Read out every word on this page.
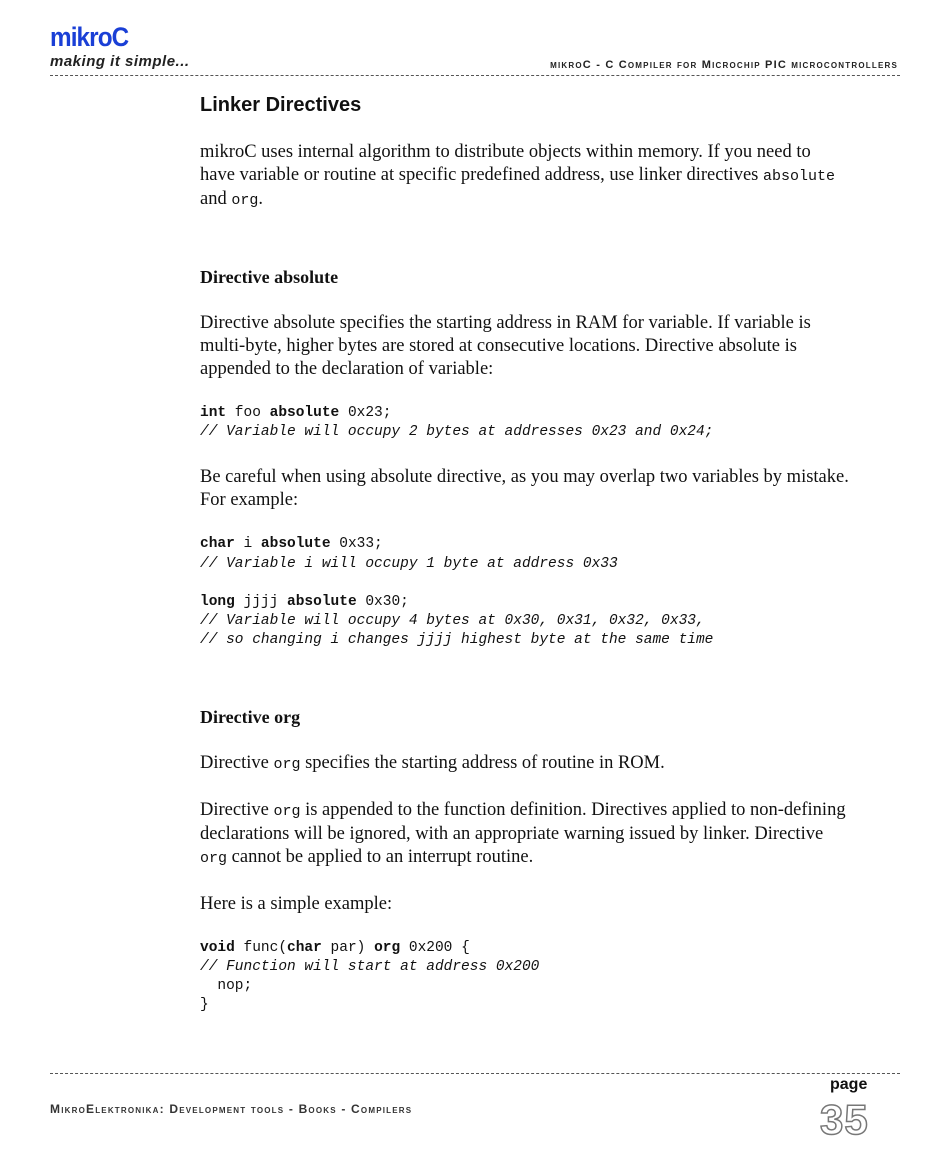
mikroC
making it simple...	mikroC - C Compiler for Microchip PIC microcontrollers
Linker Directives

mikroC uses internal algorithm to distribute objects within memory. If you need to have variable or routine at specific predefined address, use linker directives absolute and org.

Directive absolute

Directive absolute specifies the starting address in RAM for variable. If variable is multi-byte, higher bytes are stored at consecutive locations. Directive absolute is appended to the declaration of variable:

int foo absolute 0x23;
// Variable will occupy 2 bytes at addresses 0x23 and 0x24;

Be careful when using absolute directive, as you may overlap two variables by mistake. For example:

char i absolute 0x33;
// Variable i will occupy 1 byte at address 0x33

long jjjj absolute 0x30;
// Variable will occupy 4 bytes at 0x30, 0x31, 0x32, 0x33,
// so changing i changes jjjj highest byte at the same time
Directive org

Directive org specifies the starting address of routine in ROM.

Directive org is appended to the function definition. Directives applied to non-defining declarations will be ignored, with an appropriate warning issued by linker. Directive org cannot be applied to an interrupt routine.

Here is a simple example:

void func(char par) org 0x200 {
// Function will start at address 0x200
nop;
}
MikroElektronika: Development tools - Books - Compilers
page
35
